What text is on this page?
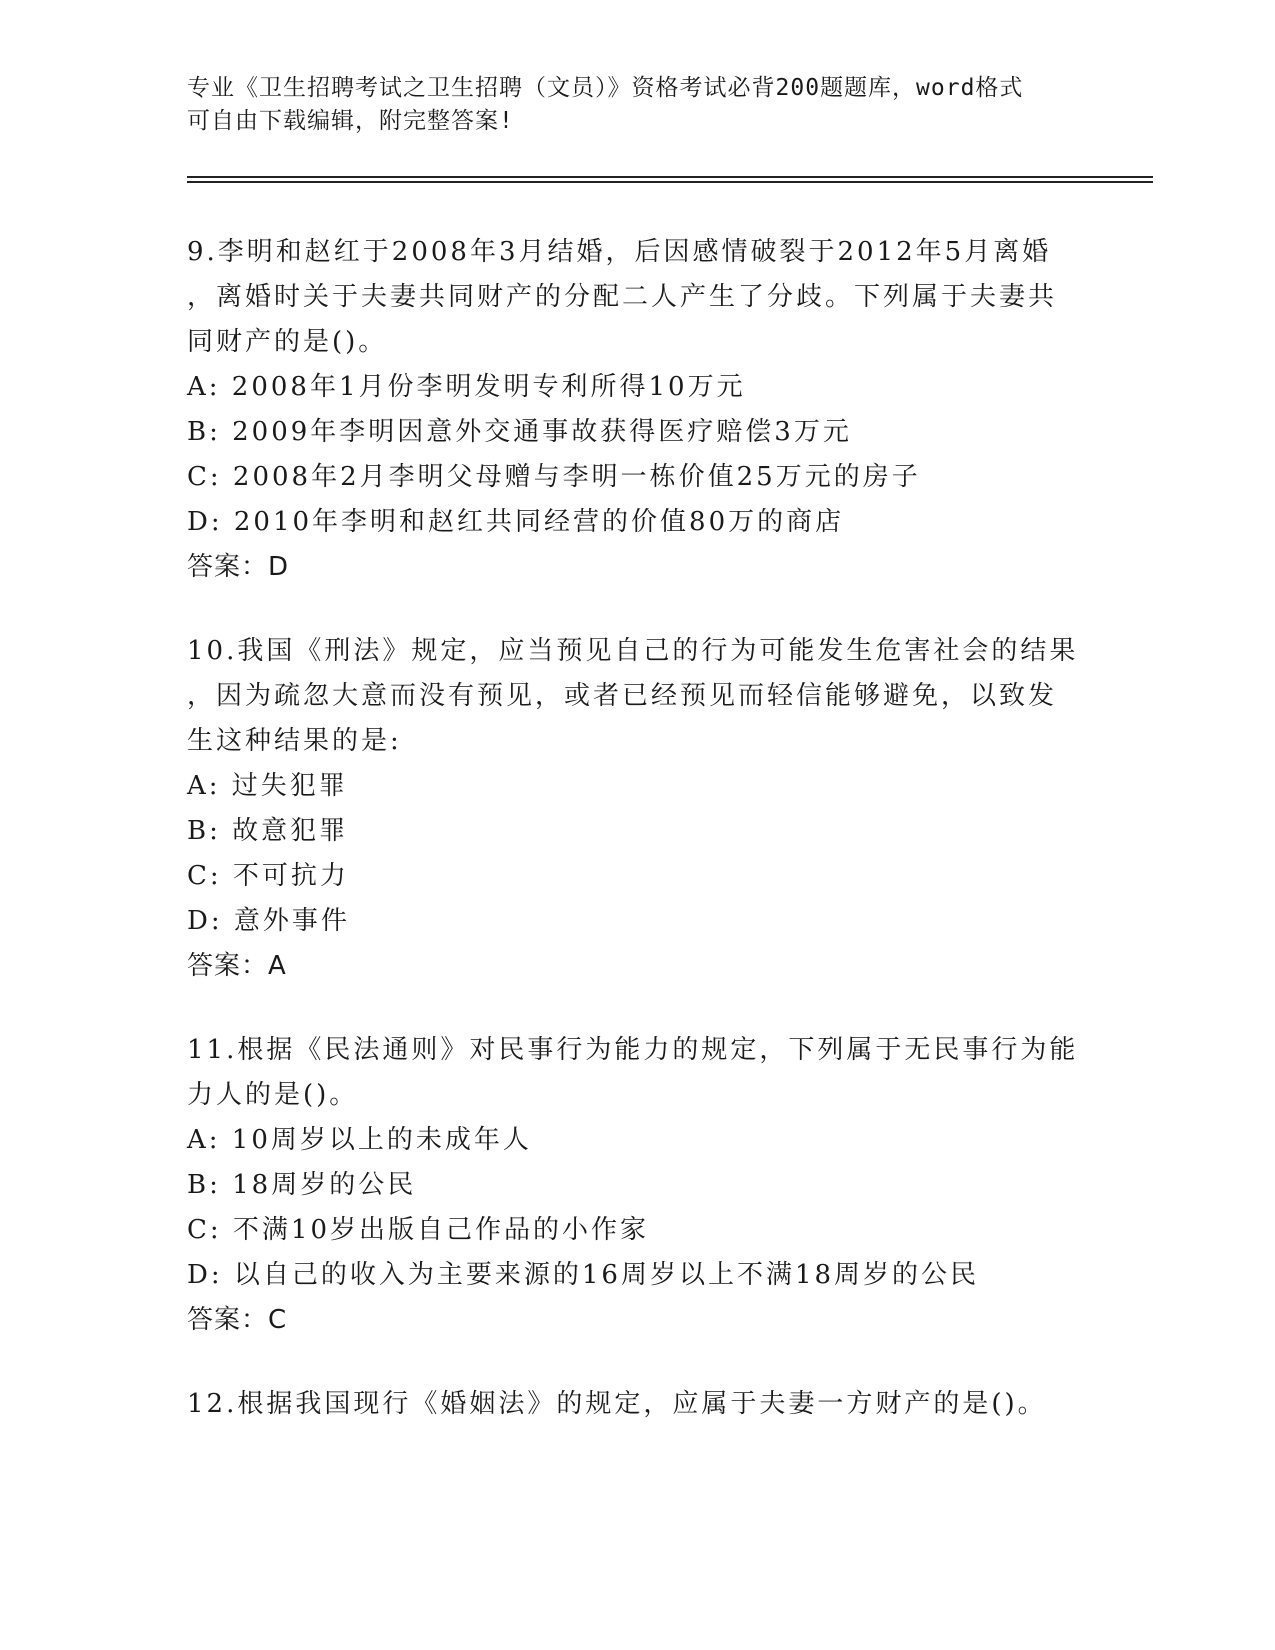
专业《卫生招聘考试之卫生招聘（文员）》资格考试必背200题题库，word格式
可自由下载编辑，附完整答案!
9.李明和赵红于2008年3月结婚，后因感情破裂于2012年5月离婚
，离婚时关于夫妻共同财产的分配二人产生了分歧。下列属于夫妻共
同财产的是()。
A: 2008年1月份李明发明专利所得10万元
B: 2009年李明因意外交通事故获得医疗赔偿3万元
C: 2008年2月李明父母赠与李明一栋价值25万元的房子
D: 2010年李明和赵红共同经营的价值80万的商店
答案：D
10.我国《刑法》规定，应当预见自己的行为可能发生危害社会的结果
，因为疏忽大意而没有预见，或者已经预见而轻信能够避免，以致发
生这种结果的是:
A: 过失犯罪
B: 故意犯罪
C: 不可抗力
D: 意外事件
答案：A
11.根据《民法通则》对民事行为能力的规定，下列属于无民事行为能
力人的是()。
A: 10周岁以上的未成年人
B: 18周岁的公民
C: 不满10岁出版自己作品的小作家
D: 以自己的收入为主要来源的16周岁以上不满18周岁的公民
答案：C
12.根据我国现行《婚姻法》的规定，应属于夫妻一方财产的是()。
